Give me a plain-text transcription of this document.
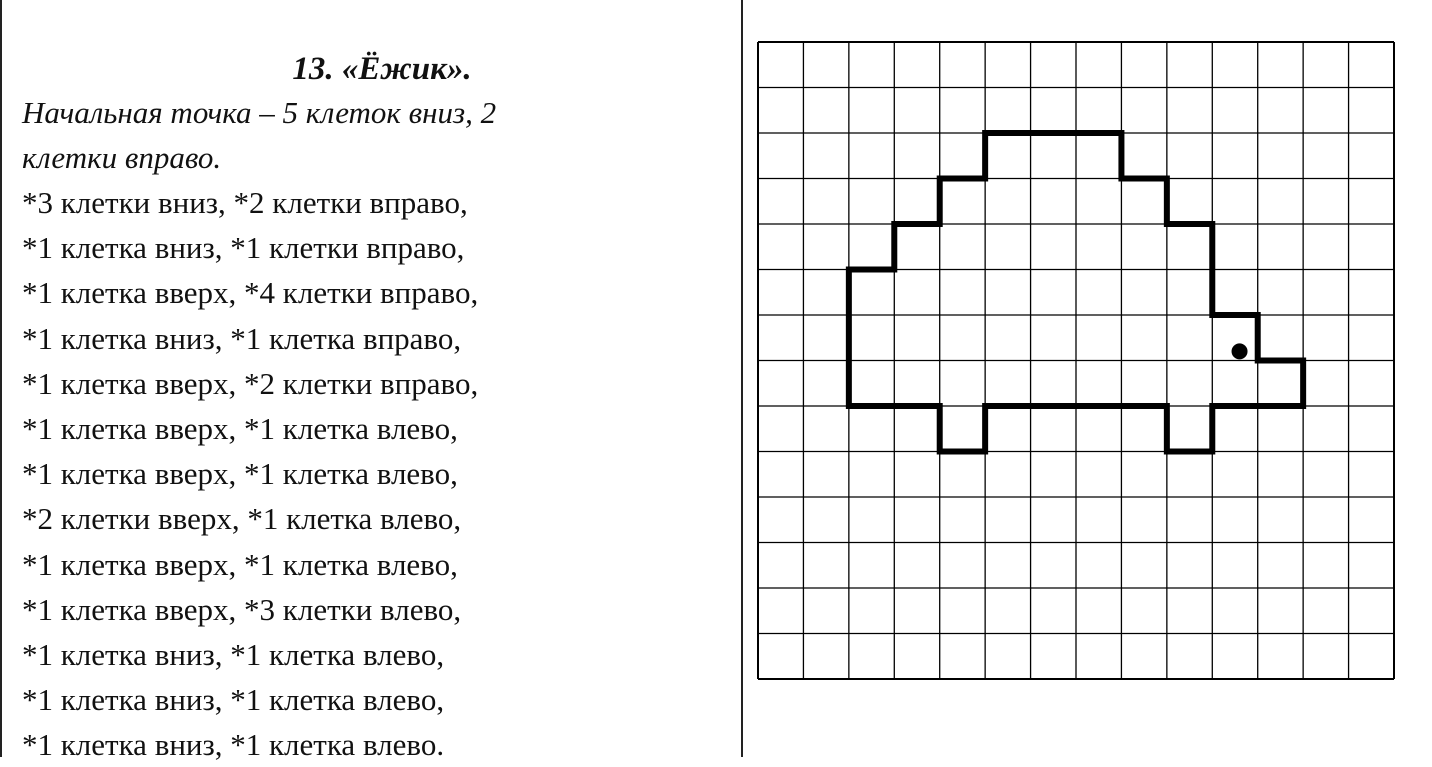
13. «Ёжик».

Начальная точка – 5 клеток вниз, 2
клетки вправо.

*3 клетки вниз, *2 клетки вправо,
*1 клетка вниз, *1 клетки вправо,
*1 клетка вверх, *4 клетки вправо,
*1 клетка вниз, *1 клетка вправо,
*1 клетка вверх, *2 клетки вправо,
*1 клетка вверх, *1 клетка влево,
*1 клетка вверх, *1 клетка влево,
*2 клетки вверх, *1 клетка влево,
*1 клетка вверх, *1 клетка влево,
*1 клетка вверх, *3 клетки влево,
*1 клетка вниз, *1 клетка влево,
*1 клетка вниз, *1 клетка влево,
*1 клетка вниз, *1 клетка влево.
